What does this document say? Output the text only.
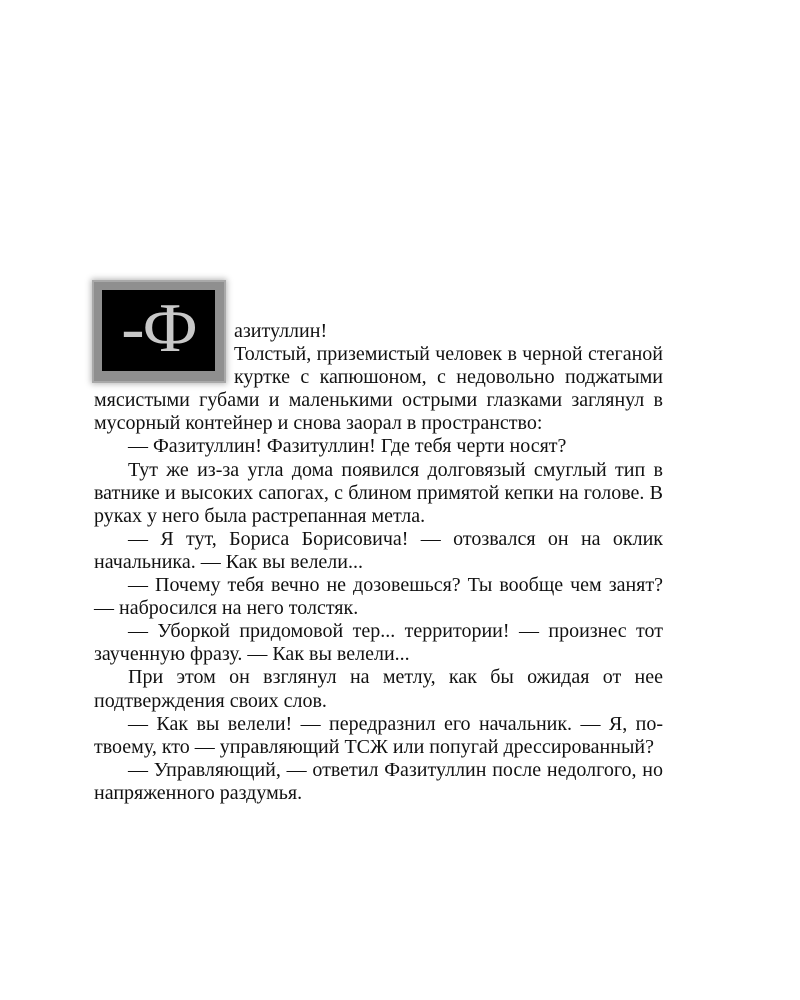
-Ф	азитуллин!

Толстый, приземистый человек в черной стеганой куртке с капюшоном, с недовольно поджатыми мясистыми губами и маленькими острыми глазками заглянул в мусорный контейнер и снова заорал в пространство:

— Фазитуллин! Фазитуллин! Где тебя черти носят?

Тут же из-за угла дома появился долговязый смуглый тип в ватнике и высоких сапогах, с блином примятой кепки на голове. В руках у него была растрепанная метла.

— Я тут, Бориса Борисовича! — отозвался он на оклик начальника. — Как вы велели...

— Почему тебя вечно не дозовешься? Ты вообще чем занят? — набросился на него толстяк.

— Уборкой придомовой тер... территории! — произнес тот заученную фразу. — Как вы велели...

При этом он взглянул на метлу, как бы ожидая от нее подтверждения своих слов.

— Как вы велели! — передразнил его начальник. — Я, по-твоему, кто — управляющий ТСЖ или попугай дрессированный?

— Управляющий, — ответил Фазитуллин после недолгого, но напряженного раздумья.
